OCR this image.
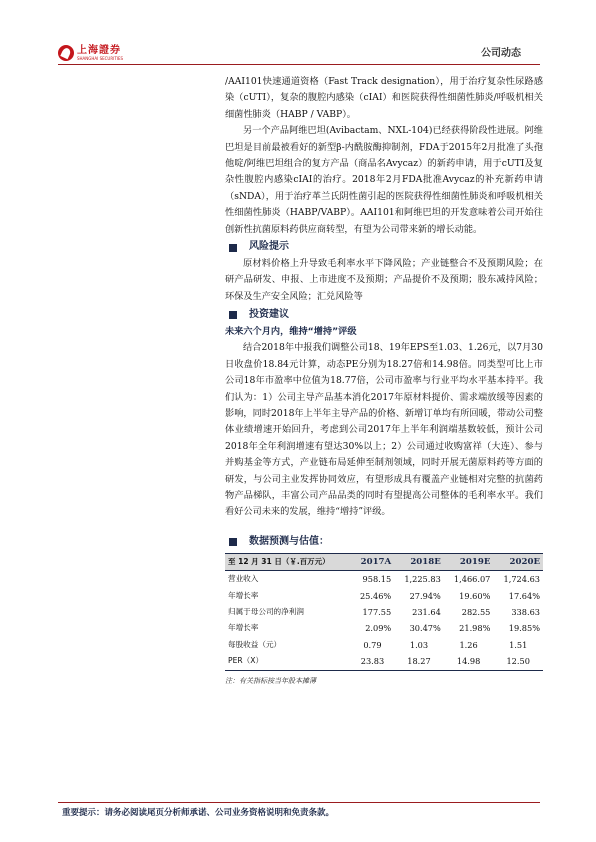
上海證券
SHANGHAI SECURITIES	公司动态

/AAI101快速通道资格（Fast Track designation），用于治疗复杂性尿路感染（cUTI），复杂的腹腔内感染（cIAI）和医院获得性细菌性肺炎/呼吸机相关细菌性肺炎（HABP / VABP）。

另一个产品阿维巴坦(Avibactam、NXL-104)已经获得阶段性进展。阿维巴坦是目前最被看好的新型β-内酰胺酶抑制剂，FDA于2015年2月批准了头孢他啶/阿维巴坦组合的复方产品（商品名Avycaz）的新药申请，用于cUTI及复杂性腹腔内感染cIAI的治疗。2018年2月FDA批准Avycaz的补充新药申请（sNDA），用于治疗革兰氏阴性菌引起的医院获得性细菌性肺炎和呼吸机相关性细菌性肺炎（HABP/VABP）。AAI101和阿维巴坦的开发意味着公司开始往创新性抗菌原料药供应商转型，有望为公司带来新的增长动能。

风险提示

原材料价格上升导致毛利率水平下降风险；产业链整合不及预期风险；在研产品研发、申报、上市进度不及预期；产品提价不及预期；股东减持风险；环保及生产安全风险；汇兑风险等

投资建议

未来六个月内，维持“增持”评级

结合2018年中报我们调整公司18、19年EPS至1.03、1.26元，以7月30日收盘价18.84元计算，动态PE分别为18.27倍和14.98倍。同类型可比上市公司18年市盈率中位值为18.77倍，公司市盈率与行业平均水平基本持平。我们认为：1）公司主导产品基本消化2017年原材料提价、需求端放缓等因素的影响，同时2018年上半年主导产品的价格、新增订单均有所回暖，带动公司整体业绩增速开始回升，考虑到公司2017年上半年利润端基数较低，预计公司2018年全年利润增速有望达30%以上；2）公司通过收购富祥（大连）、参与并购基金等方式，产业链布局延伸至制剂领域，同时开展无菌原料药等方面的研发，与公司主业发挥协同效应，有望形成具有覆盖产业链相对完整的抗菌药物产品梯队，丰富公司产品品类的同时有望提高公司整体的毛利率水平。我们看好公司未来的发展，维持“增持”评级。

数据预测与估值：
至 12 月 31 日（￥.百万元）	2017A	2018E	2019E	2020E
营业收入	958.15	1,225.83	1,466.07	1,724.63
年增长率	25.46%	27.94%	19.60%	17.64%
归属于母公司的净利润	177.55	231.64	282.55	338.63
年增长率	2.09%	30.47%	21.98%	19.85%
每股收益（元）	0.79	1.03	1.26	1.51
PER（X）	23.83	18.27	14.98	12.50
注：有关指标按当年股本摊薄
重要提示：请务必阅读尾页分析师承诺、公司业务资格说明和免责条款。
